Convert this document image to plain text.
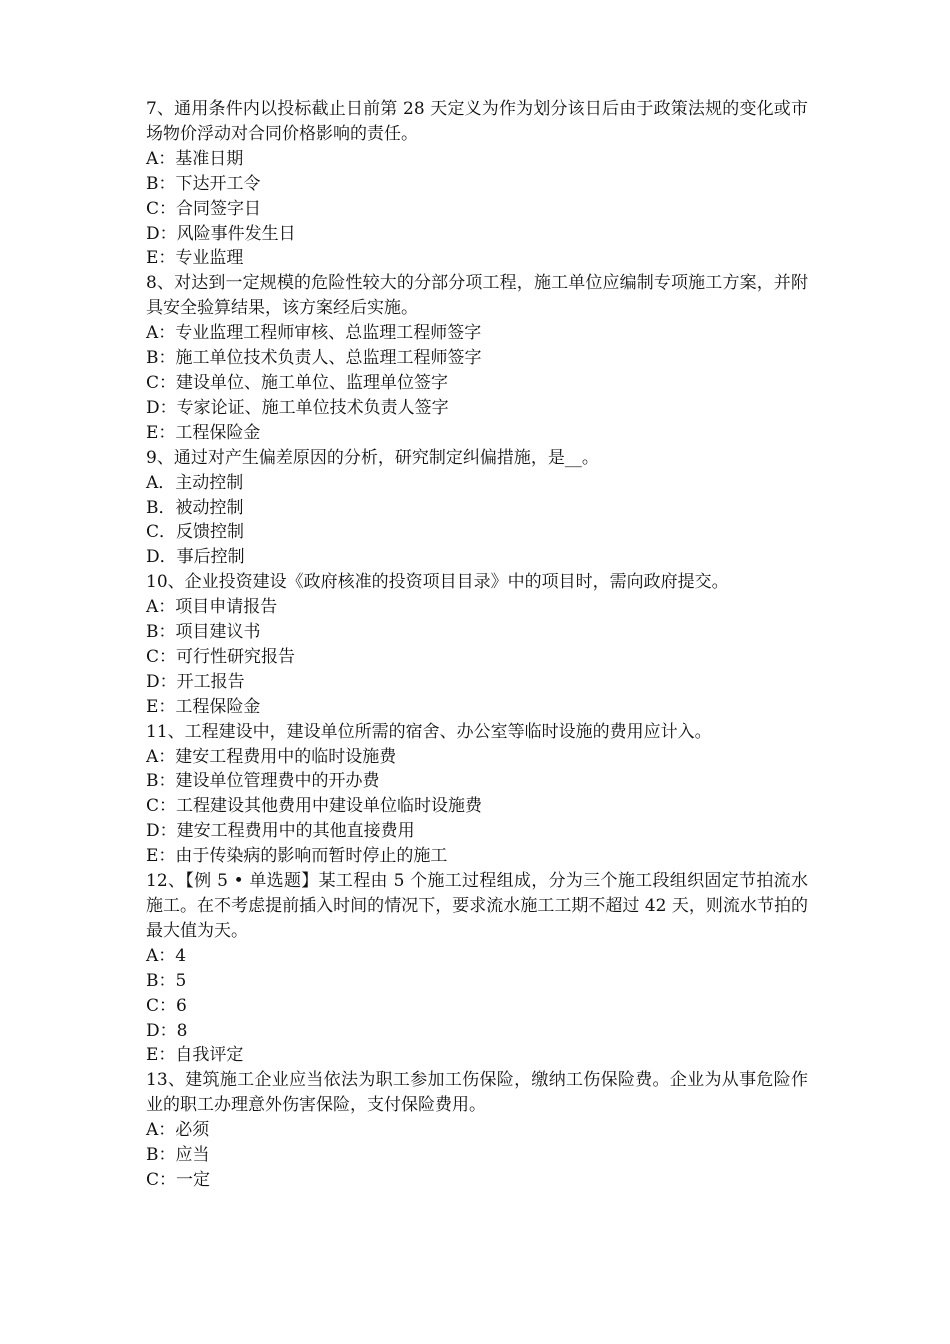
7、通用条件内以投标截止日前第 28 天定义为作为划分该日后由于政策法规的变化或市场物价浮动对合同价格影响的责任。

A：基准日期

B：下达开工令

C：合同签字日

D：风险事件发生日

E：专业监理

8、对达到一定规模的危险性较大的分部分项工程，施工单位应编制专项施工方案，并附具安全验算结果，该方案经后实施。

A：专业监理工程师审核、总监理工程师签字

B：施工单位技术负责人、总监理工程师签字

C：建设单位、施工单位、监理单位签字

D：专家论证、施工单位技术负责人签字

E：工程保险金

9、通过对产生偏差原因的分析，研究制定纠偏措施，是__。

A．主动控制

B．被动控制

C．反馈控制

D．事后控制

10、企业投资建设《政府核准的投资项目目录》中的项目时，需向政府提交。

A：项目申请报告

B：项目建议书

C：可行性研究报告

D：开工报告

E：工程保险金

11、工程建设中，建设单位所需的宿舍、办公室等临时设施的费用应计入。

A：建安工程费用中的临时设施费

B：建设单位管理费中的开办费

C：工程建设其他费用中建设单位临时设施费

D：建安工程费用中的其他直接费用

E：由于传染病的影响而暂时停止的施工

12、【例 5 • 单选题】某工程由 5 个施工过程组成，分为三个施工段组织固定节拍流水施工。在不考虑提前插入时间的情况下，要求流水施工工期不超过 42 天，则流水节拍的最大值为天。

A：4

B：5

C：6

D：8

E：自我评定

13、建筑施工企业应当依法为职工参加工伤保险，缴纳工伤保险费。企业为从事危险作业的职工办理意外伤害保险，支付保险费用。

A：必须

B：应当

C：一定
